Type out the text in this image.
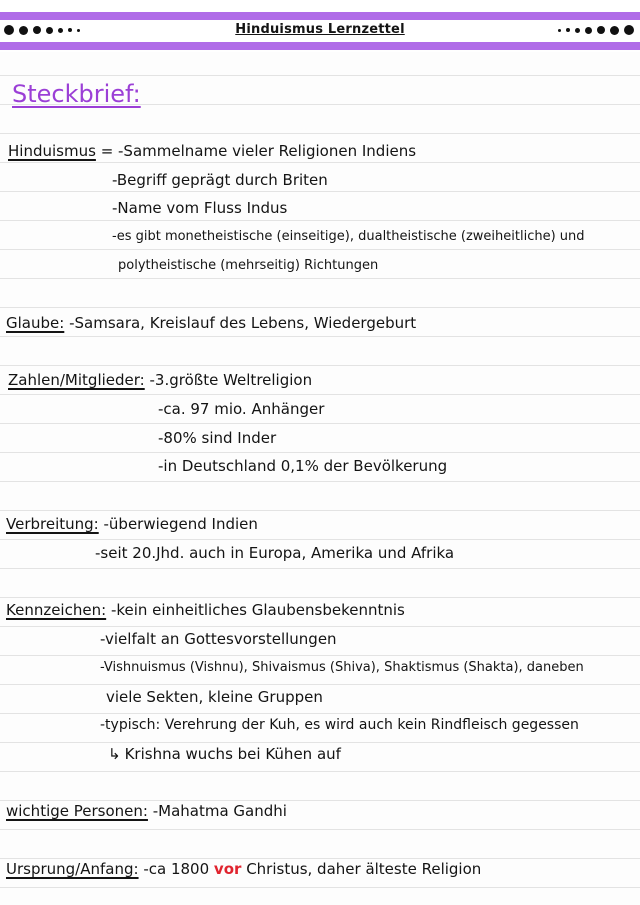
Hinduismus Lernzettel
Steckbrief:
Hinduismus = -Sammelname vieler Religionen Indiens
-Begriff geprägt durch Briten
-Name vom Fluss Indus
-es gibt monetheistische (einseitige), dualtheistische (zweiheitliche) und
polytheistische (mehrseitig) Richtungen
Glaube: -Samsara, Kreislauf des Lebens, Wiedergeburt
Zahlen/Mitglieder: -3.größte Weltreligion
-ca. 97 mio. Anhänger
-80% sind Inder
-in Deutschland 0,1% der Bevölkerung
Verbreitung: -überwiegend Indien
-seit 20.Jhd. auch in Europa, Amerika und Afrika
Kennzeichen: -kein einheitliches Glaubensbekenntnis
-vielfalt an Gottesvorstellungen
-Vishnuismus (Vishnu), Shivaismus (Shiva), Shaktismus (Shakta), daneben
viele Sekten, kleine Gruppen
-typisch: Verehrung der Kuh, es wird auch kein Rindfleisch gegessen
↳ Krishna wuchs bei Kühen auf
wichtige Personen: -Mahatma Gandhi
Ursprung/Anfang: -ca 1800 vor Christus, daher älteste Religion
